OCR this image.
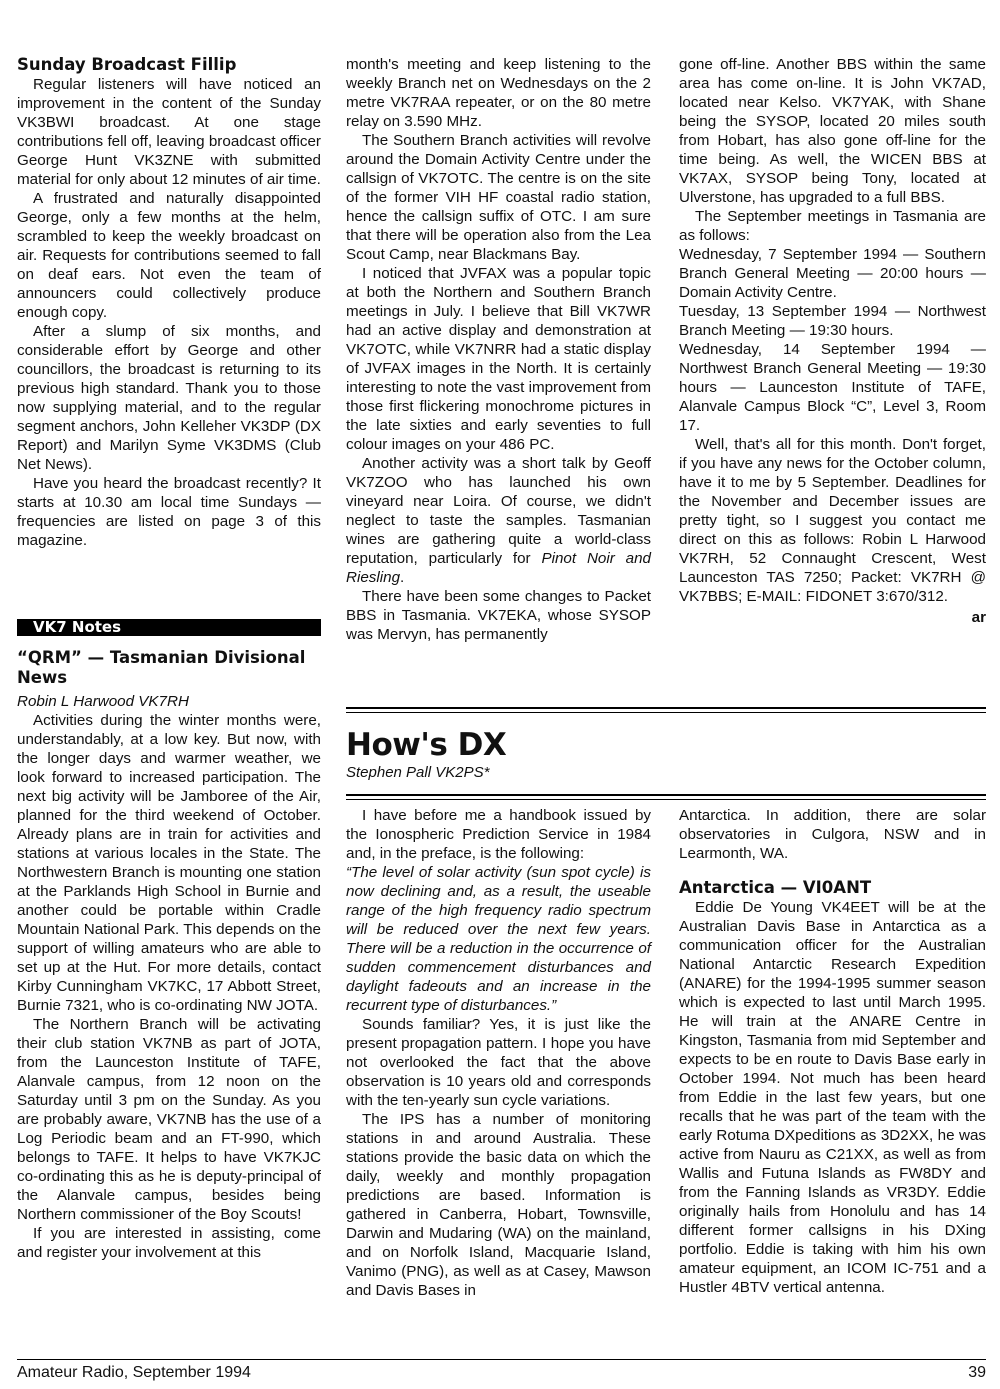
Sunday Broadcast Fillip

Regular listeners will have noticed an improvement in the content of the Sunday VK3BWI broadcast. At one stage contributions fell off, leaving broadcast officer George Hunt VK3ZNE with submitted material for only about 12 minutes of air time.

A frustrated and naturally disappointed George, only a few months at the helm, scrambled to keep the weekly broadcast on air. Requests for contributions seemed to fall on deaf ears. Not even the team of announcers could collectively produce enough copy.

After a slump of six months, and considerable effort by George and other councillors, the broadcast is returning to its previous high standard. Thank you to those now supplying material, and to the regular segment anchors, John Kelleher VK3DP (DX Report) and Marilyn Syme VK3DMS (Club Net News).

Have you heard the broadcast recently? It starts at 10.30 am local time Sundays — frequencies are listed on page 3 of this magazine.

VK7 Notes
“QRM” — Tasmanian Divisional News

Robin L Harwood VK7RH

Activities during the winter months were, understandably, at a low key. But now, with the longer days and warmer weather, we look forward to increased participation. The next big activity will be Jamboree of the Air, planned for the third weekend of October. Already plans are in train for activities and stations at various locales in the State. The Northwestern Branch is mounting one station at the Parklands High School in Burnie and another could be portable within Cradle Mountain National Park. This depends on the support of willing amateurs who are able to set up at the Hut. For more details, contact Kirby Cunningham VK7KC, 17 Abbott Street, Burnie 7321, who is co-ordinating NW JOTA.

The Northern Branch will be activating their club station VK7NB as part of JOTA, from the Launceston Institute of TAFE, Alanvale campus, from 12 noon on the Saturday until 3 pm on the Sunday. As you are probably aware, VK7NB has the use of a Log Periodic beam and an FT-990, which belongs to TAFE. It helps to have VK7KJC co-ordinating this as he is deputy-principal of the Alanvale campus, besides being Northern commissioner of the Boy Scouts!

If you are interested in assisting, come and register your involvement at this

month's meeting and keep listening to the weekly Branch net on Wednesdays on the 2 metre VK7RAA repeater, or on the 80 metre relay on 3.590 MHz.

The Southern Branch activities will revolve around the Domain Activity Centre under the callsign of VK7OTC. The centre is on the site of the former VIH HF coastal radio station, hence the callsign suffix of OTC. I am sure that there will be operation also from the Lea Scout Camp, near Blackmans Bay.

I noticed that JVFAX was a popular topic at both the Northern and Southern Branch meetings in July. I believe that Bill VK7WR had an active display and demonstration at VK7OTC, while VK7NRR had a static display of JVFAX images in the North. It is certainly interesting to note the vast improvement from those first flickering monochrome pictures in the late sixties and early seventies to full colour images on your 486 PC.

Another activity was a short talk by Geoff VK7ZOO who has launched his own vineyard near Loira. Of course, we didn't neglect to taste the samples. Tasmanian wines are gathering quite a world-class reputation, particularly for Pinot Noir and Riesling.

There have been some changes to Packet BBS in Tasmania. VK7EKA, whose SYSOP was Mervyn, has permanently

gone off-line. Another BBS within the same area has come on-line. It is John VK7AD, located near Kelso. VK7YAK, with Shane being the SYSOP, located 20 miles south from Hobart, has also gone off-line for the time being. As well, the WICEN BBS at VK7AX, SYSOP being Tony, located at Ulverstone, has upgraded to a full BBS.

The September meetings in Tasmania are as follows:

Wednesday, 7 September 1994 — Southern Branch General Meeting — 20:00 hours — Domain Activity Centre.

Tuesday, 13 September 1994 — Northwest Branch Meeting — 19:30 hours.

Wednesday, 14 September 1994 — Northwest Branch General Meeting — 19:30 hours — Launceston Institute of TAFE, Alanvale Campus Block “C”, Level 3, Room 17.

Well, that's all for this month. Don't forget, if you have any news for the October column, have it to me by 5 September. Deadlines for the November and December issues are pretty tight, so I suggest you contact me direct on this as follows: Robin L Harwood VK7RH, 52 Connaught Crescent, West Launceston TAS 7250; Packet: VK7RH @ VK7BBS; E-MAIL: FIDONET 3:670/312.

ar

How's DX
Stephen Pall VK2PS*

I have before me a handbook issued by the Ionospheric Prediction Service in 1984 and, in the preface, is the following:

“The level of solar activity (sun spot cycle) is now declining and, as a result, the useable range of the high frequency radio spectrum will be reduced over the next few years. There will be a reduction in the occurrence of sudden commencement disturbances and daylight fadeouts and an increase in the recurrent type of disturbances.”

Sounds familiar? Yes, it is just like the present propagation pattern. I hope you have not overlooked the fact that the above observation is 10 years old and corresponds with the ten-yearly sun cycle variations.

The IPS has a number of monitoring stations in and around Australia. These stations provide the basic data on which the daily, weekly and monthly propagation predictions are based. Information is gathered in Canberra, Hobart, Townsville, Darwin and Mudaring (WA) on the mainland, and on Norfolk Island, Macquarie Island, Vanimo (PNG), as well as at Casey, Mawson and Davis Bases in

Antarctica. In addition, there are solar observatories in Culgora, NSW and in Learmonth, WA.

Antarctica — VI0ANT

Eddie De Young VK4EET will be at the Australian Davis Base in Antarctica as a communication officer for the Australian National Antarctic Research Expedition (ANARE) for the 1994-1995 summer season which is expected to last until March 1995. He will train at the ANARE Centre in Kingston, Tasmania from mid September and expects to be en route to Davis Base early in October 1994. Not much has been heard from Eddie in the last few years, but one recalls that he was part of the team with the early Rotuma DXpeditions as 3D2XX, he was active from Nauru as C21XX, as well as from Wallis and Futuna Islands as FW8DY and from the Fanning Islands as VR3DY. Eddie originally hails from Honolulu and has 14 different former callsigns in his DXing portfolio. Eddie is taking with him his own amateur equipment, an ICOM IC-751 and a Hustler 4BTV vertical antenna.

Amateur Radio, September 1994	39
